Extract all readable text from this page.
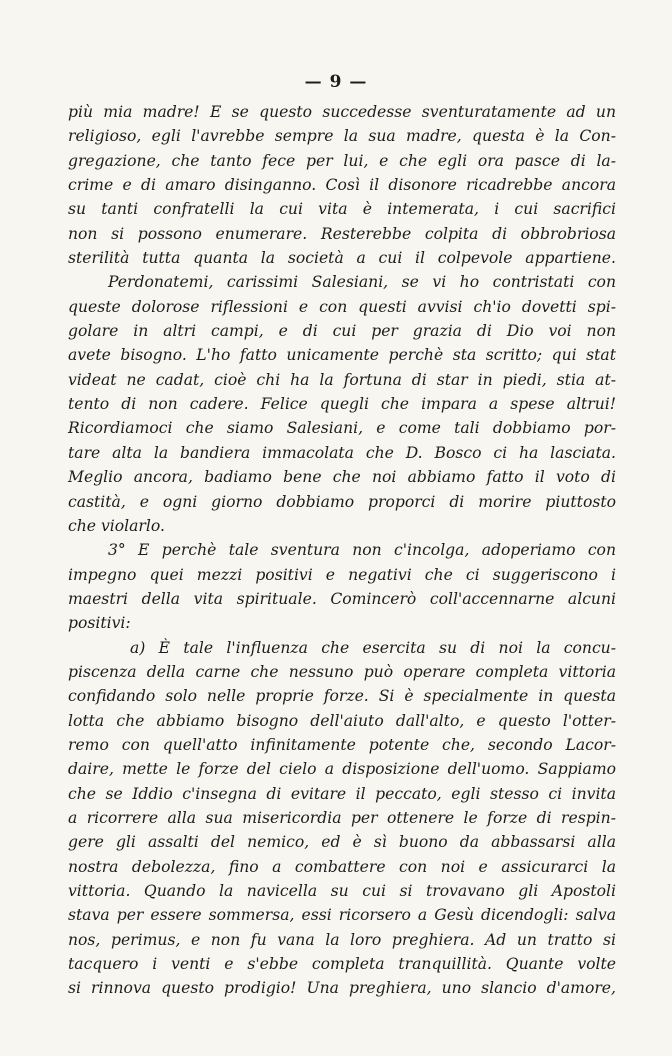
— 9 —
più mia madre! E se questo succedesse sventuratamente ad un
religioso, egli l'avrebbe sempre la sua madre, questa è la Con-
gregazione, che tanto fece per lui, e che egli ora pasce di la-
crime e di amaro disinganno. Così il disonore ricadrebbe ancora
su tanti confratelli la cui vita è intemerata, i cui sacrifici
non si possono enumerare. Resterebbe colpita di obbrobriosa
sterilità tutta quanta la società a cui il colpevole appartiene.
Perdonatemi, carissimi Salesiani, se vi ho contristati con
queste dolorose riflessioni e con questi avvisi ch'io dovetti spi-
golare in altri campi, e di cui per grazia di Dio voi non
avete bisogno. L'ho fatto unicamente perchè sta scritto; qui stat
videat ne cadat, cioè chi ha la fortuna di star in piedi, stia at-
tento di non cadere. Felice quegli che impara a spese altrui!
Ricordiamoci che siamo Salesiani, e come tali dobbiamo por-
tare alta la bandiera immacolata che D. Bosco ci ha lasciata.
Meglio ancora, badiamo bene che noi abbiamo fatto il voto di
castità, e ogni giorno dobbiamo proporci di morire piuttosto
che violarlo.
3° E perchè tale sventura non c'incolga, adoperiamo con
impegno quei mezzi positivi e negativi che ci suggeriscono i
maestri della vita spirituale. Comincerò coll'accennarne alcuni
positivi:
a) È tale l'influenza che esercita su di noi la concu-
piscenza della carne che nessuno può operare completa vittoria
confidando solo nelle proprie forze. Si è specialmente in questa
lotta che abbiamo bisogno dell'aiuto dall'alto, e questo l'otter-
remo con quell'atto infinitamente potente che, secondo Lacor-
daire, mette le forze del cielo a disposizione dell'uomo. Sappiamo
che se Iddio c'insegna di evitare il peccato, egli stesso ci invita
a ricorrere alla sua misericordia per ottenere le forze di respin-
gere gli assalti del nemico, ed è sì buono da abbassarsi alla
nostra debolezza, fino a combattere con noi e assicurarci la
vittoria. Quando la navicella su cui si trovavano gli Apostoli
stava per essere sommersa, essi ricorsero a Gesù dicendogli: salva
nos, perimus, e non fu vana la loro preghiera. Ad un tratto si
tacquero i venti e s'ebbe completa tranquillità. Quante volte
si rinnova questo prodigio! Una preghiera, uno slancio d'amore,
